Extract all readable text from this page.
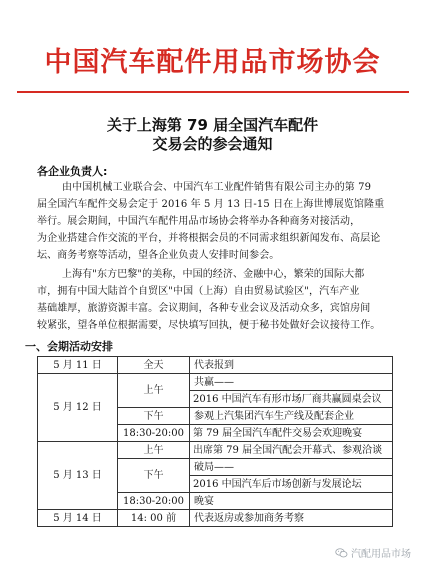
中国汽车配件用品市场协会
关于上海第 79 届全国汽车配件
交易会的参会通知
各企业负责人:
由中国机械工业联合会、中国汽车工业配件销售有限公司主办的第 79
届全国汽车配件交易会定于 2016 年 5 月 13 日-15 日在上海世博展览馆隆重
举行。展会期间，中国汽车配件用品市场协会将举办各种商务对接活动，
为企业搭建合作交流的平台，并将根据会员的不同需求组织新闻发布、高层论
坛、商务考察等活动，望各企业负责人安排时间参会。
上海有"东方巴黎"的美称，中国的经济、金融中心，繁荣的国际大都
市，拥有中国大陆首个自贸区"中国（上海）自由贸易试验区"，汽车产业
基础雄厚，旅游资源丰富。会议期间，各种专业会议及活动众多，宾馆房间
较紧张，望各单位根据需要，尽快填写回执，便于秘书处做好会议接待工作。
一、会期活动安排
5 月 11 日	全天	代表报到
5 月 12 日	上午	共赢——
		2016 中国汽车有形市场厂商共赢圆桌会议
	下午	参观上汽集团汽车生产线及配套企业
	18:30-20:00	第 79 届全国汽车配件交易会欢迎晚宴
5 月 13 日	上午	出席第 79 届全国汽配会开幕式、参观洽谈
	下午	破局——
		2016 中国汽车后市场创新与发展论坛
	18:30-20:00	晚宴
5 月 14 日	14: 00 前	代表返房或参加商务考察
汽配用品市场
